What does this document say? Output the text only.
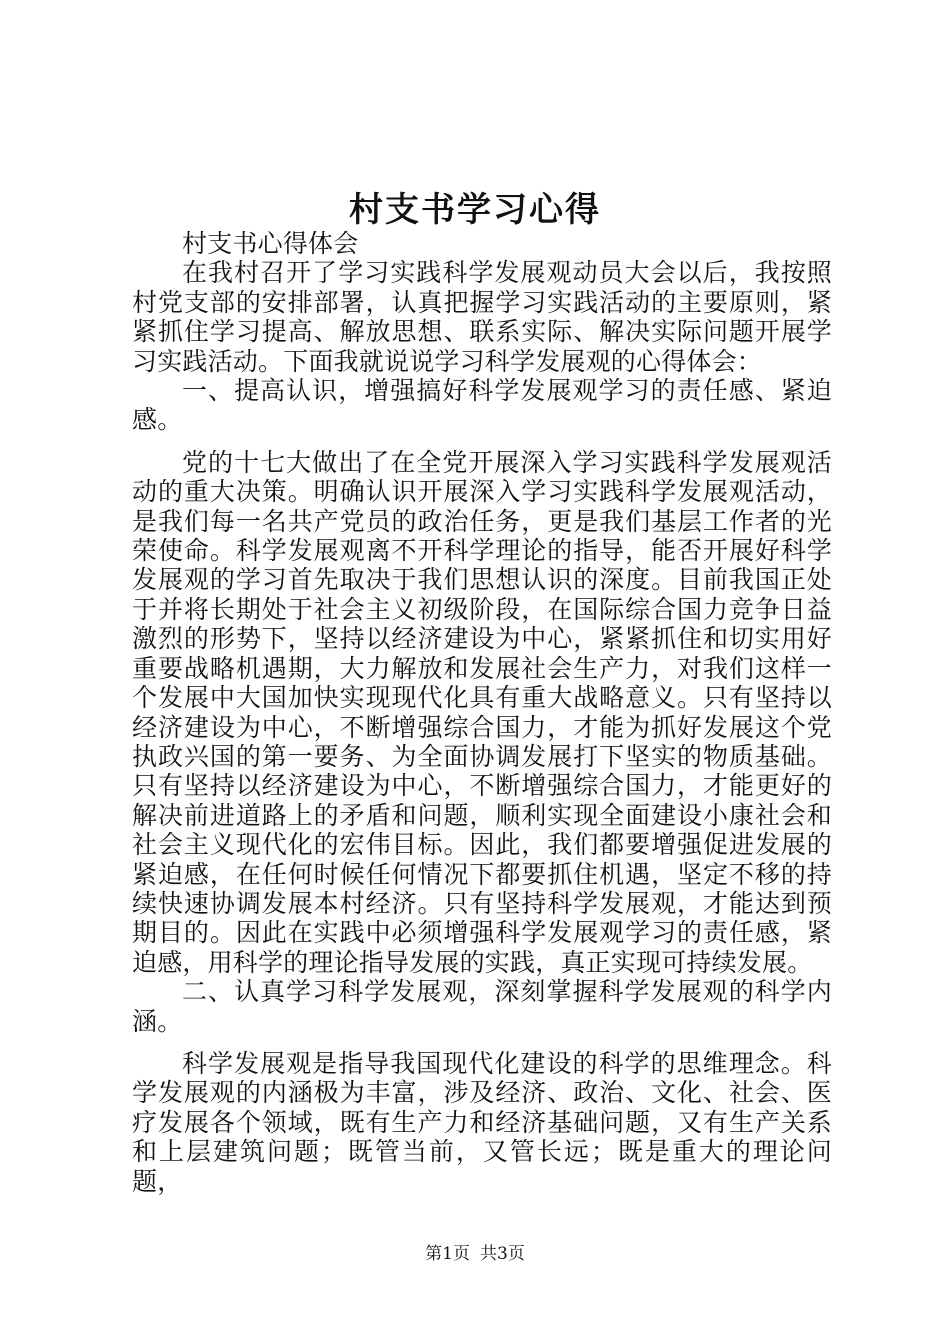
村支书学习心得

村支书心得体会

在我村召开了学习实践科学发展观动员大会以后，我按照村党支部的安排部署，认真把握学习实践活动的主要原则，紧紧抓住学习提高、解放思想、联系实际、解决实际问题开展学习实践活动。下面我就说说学习科学发展观的心得体会：

一、提高认识，增强搞好科学发展观学习的责任感、紧迫感。

党的十七大做出了在全党开展深入学习实践科学发展观活动的重大决策。明确认识开展深入学习实践科学发展观活动，是我们每一名共产党员的政治任务，更是我们基层工作者的光荣使命。科学发展观离不开科学理论的指导，能否开展好科学发展观的学习首先取决于我们思想认识的深度。目前我国正处于并将长期处于社会主义初级阶段，在国际综合国力竞争日益激烈的形势下，坚持以经济建设为中心，紧紧抓住和切实用好重要战略机遇期，大力解放和发展社会生产力，对我们这样一个发展中大国加快实现现代化具有重大战略意义。只有坚持以经济建设为中心，不断增强综合国力，才能为抓好发展这个党执政兴国的第一要务、为全面协调发展打下坚实的物质基础。只有坚持以经济建设为中心，不断增强综合国力，才能更好的解决前进道路上的矛盾和问题，顺利实现全面建设小康社会和社会主义现代化的宏伟目标。因此，我们都要增强促进发展的紧迫感，在任何时候任何情况下都要抓住机遇，坚定不移的持续快速协调发展本村经济。只有坚持科学发展观，才能达到预期目的。因此在实践中必须增强科学发展观学习的责任感，紧迫感，用科学的理论指导发展的实践，真正实现可持续发展。

二、认真学习科学发展观，深刻掌握科学发展观的科学内涵。

科学发展观是指导我国现代化建设的科学的思维理念。科学发展观的内涵极为丰富，涉及经济、政治、文化、社会、医疗发展各个领域，既有生产力和经济基础问题，又有生产关系和上层建筑问题；既管当前，又管长远；既是重大的理论问题，

第1页 共3页
